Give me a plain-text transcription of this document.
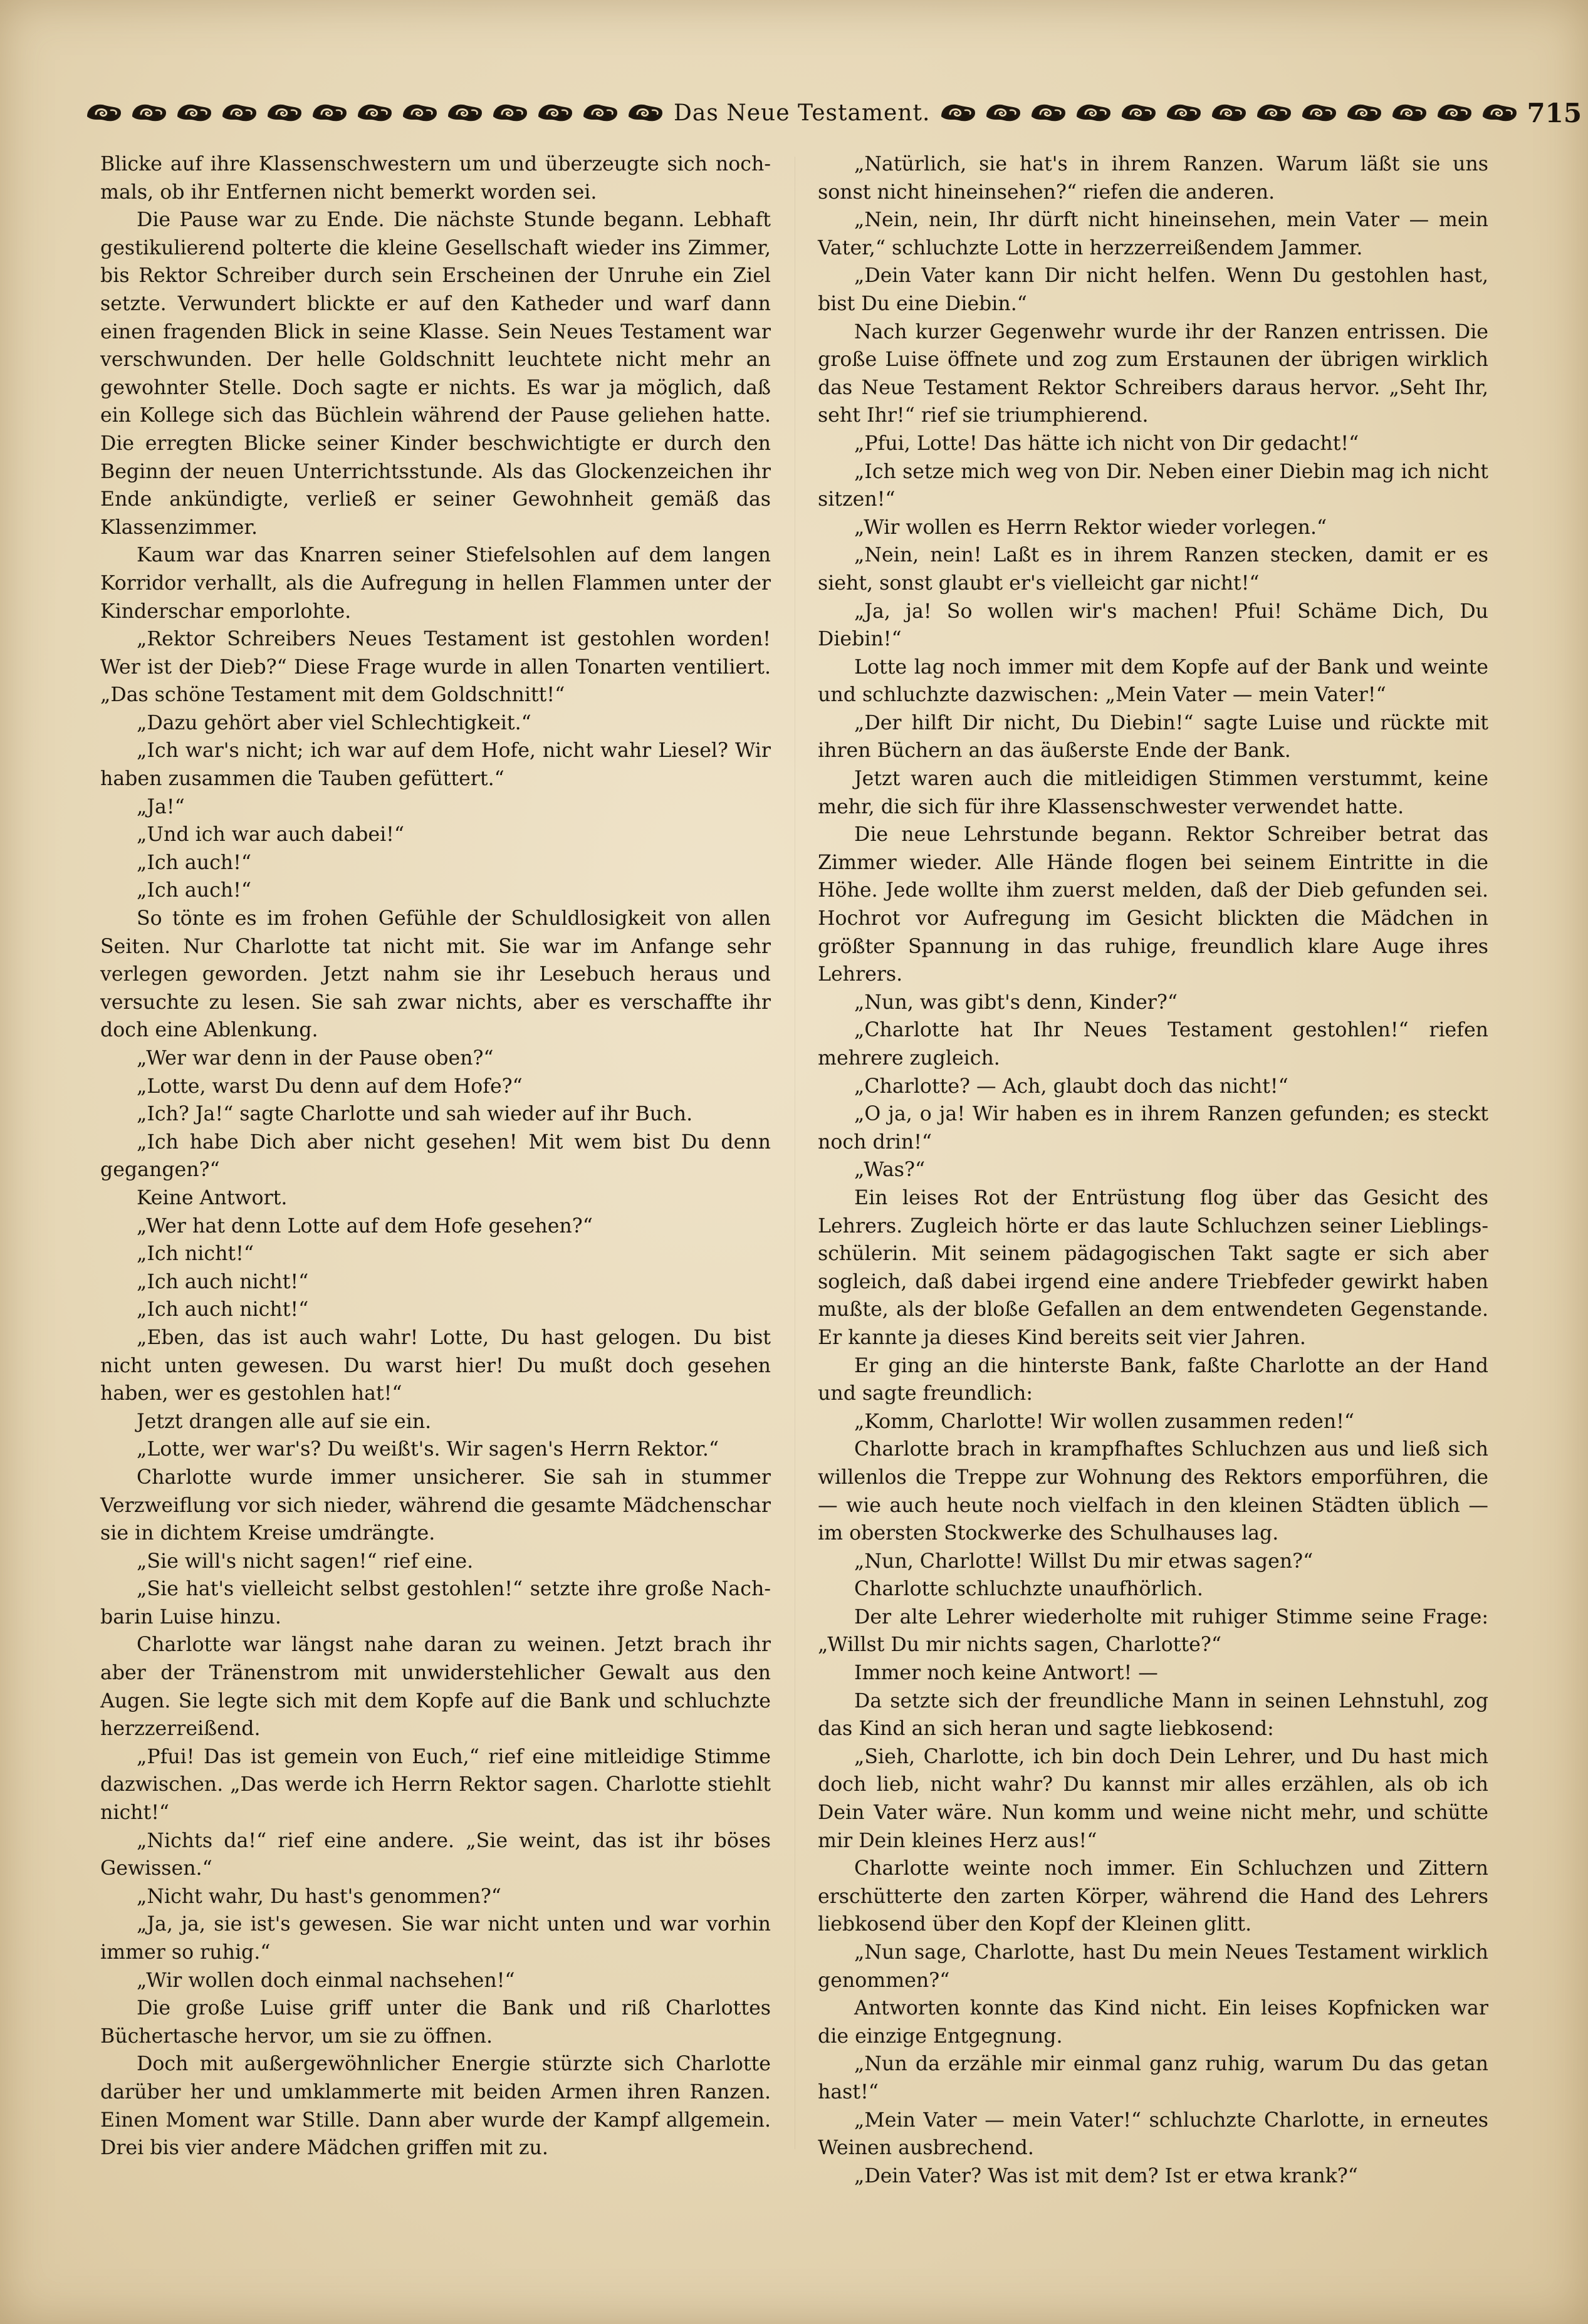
Das Neue Testament.	715

Blicke auf ihre Klassenschwestern um und überzeugte sich nochmals, ob ihr Entfernen nicht bemerkt worden sei.

Die Pause war zu Ende. Die nächste Stunde begann. Lebhaft gestikulierend polterte die kleine Gesellschaft wieder ins Zimmer, bis Rektor Schreiber durch sein Erscheinen der Unruhe ein Ziel setzte. Verwundert blickte er auf den Katheder und warf dann einen fragenden Blick in seine Klasse. Sein Neues Testament war verschwunden. Der helle Goldschnitt leuchtete nicht mehr an gewohnter Stelle. Doch sagte er nichts. Es war ja möglich, daß ein Kollege sich das Büchlein während der Pause geliehen hatte. Die erregten Blicke seiner Kinder beschwichtigte er durch den Beginn der neuen Unterrichtsstunde. Als das Glockenzeichen ihr Ende ankündigte, verließ er seiner Gewohnheit gemäß das Klassenzimmer.

Kaum war das Knarren seiner Stiefelsohlen auf dem langen Korridor verhallt, als die Aufregung in hellen Flammen unter der Kinderschar emporlohte.

„Rektor Schreibers Neues Testament ist gestohlen worden! Wer ist der Dieb?“ Diese Frage wurde in allen Tonarten ventiliert. „Das schöne Testament mit dem Goldschnitt!“

„Dazu gehört aber viel Schlechtigkeit.“

„Ich war's nicht; ich war auf dem Hofe, nicht wahr Liesel? Wir haben zusammen die Tauben gefüttert.“

„Ja!“

„Und ich war auch dabei!“

„Ich auch!“

„Ich auch!“

So tönte es im frohen Gefühle der Schuldlosigkeit von allen Seiten. Nur Charlotte tat nicht mit. Sie war im Anfange sehr verlegen geworden. Jetzt nahm sie ihr Lesebuch heraus und versuchte zu lesen. Sie sah zwar nichts, aber es verschaffte ihr doch eine Ablenkung.

„Wer war denn in der Pause oben?“

„Lotte, warst Du denn auf dem Hofe?“

„Ich? Ja!“ sagte Charlotte und sah wieder auf ihr Buch.

„Ich habe Dich aber nicht gesehen! Mit wem bist Du denn gegangen?“

Keine Antwort.

„Wer hat denn Lotte auf dem Hofe gesehen?“

„Ich nicht!“

„Ich auch nicht!“

„Ich auch nicht!“

„Eben, das ist auch wahr! Lotte, Du hast gelogen. Du bist nicht unten gewesen. Du warst hier! Du mußt doch gesehen haben, wer es gestohlen hat!“

Jetzt drangen alle auf sie ein.

„Lotte, wer war's? Du weißt's. Wir sagen's Herrn Rektor.“

Charlotte wurde immer unsicherer. Sie sah in stummer Verzweiflung vor sich nieder, während die gesamte Mädchenschar sie in dichtem Kreise umdrängte.

„Sie will's nicht sagen!“ rief eine.

„Sie hat's vielleicht selbst gestohlen!“ setzte ihre große Nachbarin Luise hinzu.

Charlotte war längst nahe daran zu weinen. Jetzt brach ihr aber der Tränenstrom mit unwiderstehlicher Gewalt aus den Augen. Sie legte sich mit dem Kopfe auf die Bank und schluchzte herzzerreißend.

„Pfui! Das ist gemein von Euch,“ rief eine mitleidige Stimme dazwischen. „Das werde ich Herrn Rektor sagen. Charlotte stiehlt nicht!“

„Nichts da!“ rief eine andere. „Sie weint, das ist ihr böses Gewissen.“

„Nicht wahr, Du hast's genommen?“

„Ja, ja, sie ist's gewesen. Sie war nicht unten und war vorhin immer so ruhig.“

„Wir wollen doch einmal nachsehen!“

Die große Luise griff unter die Bank und riß Charlottes Büchertasche hervor, um sie zu öffnen.

Doch mit außergewöhnlicher Energie stürzte sich Charlotte darüber her und umklammerte mit beiden Armen ihren Ranzen. Einen Moment war Stille. Dann aber wurde der Kampf allgemein. Drei bis vier andere Mädchen griffen mit zu.

„Natürlich, sie hat's in ihrem Ranzen. Warum läßt sie uns sonst nicht hineinsehen?“ riefen die anderen.

„Nein, nein, Ihr dürft nicht hineinsehen, mein Vater — mein Vater,“ schluchzte Lotte in herzzerreißendem Jammer.

„Dein Vater kann Dir nicht helfen. Wenn Du gestohlen hast, bist Du eine Diebin.“

Nach kurzer Gegenwehr wurde ihr der Ranzen entrissen. Die große Luise öffnete und zog zum Erstaunen der übrigen wirklich das Neue Testament Rektor Schreibers daraus hervor. „Seht Ihr, seht Ihr!“ rief sie triumphierend.

„Pfui, Lotte! Das hätte ich nicht von Dir gedacht!“

„Ich setze mich weg von Dir. Neben einer Diebin mag ich nicht sitzen!“

„Wir wollen es Herrn Rektor wieder vorlegen.“

„Nein, nein! Laßt es in ihrem Ranzen stecken, damit er es sieht, sonst glaubt er's vielleicht gar nicht!“

„Ja, ja! So wollen wir's machen! Pfui! Schäme Dich, Du Diebin!“

Lotte lag noch immer mit dem Kopfe auf der Bank und weinte und schluchzte dazwischen: „Mein Vater — mein Vater!“

„Der hilft Dir nicht, Du Diebin!“ sagte Luise und rückte mit ihren Büchern an das äußerste Ende der Bank.

Jetzt waren auch die mitleidigen Stimmen verstummt, keine mehr, die sich für ihre Klassenschwester verwendet hatte.

Die neue Lehrstunde begann. Rektor Schreiber betrat das Zimmer wieder. Alle Hände flogen bei seinem Eintritte in die Höhe. Jede wollte ihm zuerst melden, daß der Dieb gefunden sei. Hochrot vor Aufregung im Gesicht blickten die Mädchen in größter Spannung in das ruhige, freundlich klare Auge ihres Lehrers.

„Nun, was gibt's denn, Kinder?“

„Charlotte hat Ihr Neues Testament gestohlen!“ riefen mehrere zugleich.

„Charlotte? — Ach, glaubt doch das nicht!“

„O ja, o ja! Wir haben es in ihrem Ranzen gefunden; es steckt noch drin!“

„Was?“

Ein leises Rot der Entrüstung flog über das Gesicht des Lehrers. Zugleich hörte er das laute Schluchzen seiner Lieblingsschülerin. Mit seinem pädagogischen Takt sagte er sich aber sogleich, daß dabei irgend eine andere Triebfeder gewirkt haben mußte, als der bloße Gefallen an dem entwendeten Gegenstande. Er kannte ja dieses Kind bereits seit vier Jahren.

Er ging an die hinterste Bank, faßte Charlotte an der Hand und sagte freundlich:

„Komm, Charlotte! Wir wollen zusammen reden!“

Charlotte brach in krampfhaftes Schluchzen aus und ließ sich willenlos die Treppe zur Wohnung des Rektors emporführen, die — wie auch heute noch vielfach in den kleinen Städten üblich — im obersten Stockwerke des Schulhauses lag.

„Nun, Charlotte! Willst Du mir etwas sagen?“

Charlotte schluchzte unaufhörlich.

Der alte Lehrer wiederholte mit ruhiger Stimme seine Frage: „Willst Du mir nichts sagen, Charlotte?“

Immer noch keine Antwort! —

Da setzte sich der freundliche Mann in seinen Lehnstuhl, zog das Kind an sich heran und sagte liebkosend:

„Sieh, Charlotte, ich bin doch Dein Lehrer, und Du hast mich doch lieb, nicht wahr? Du kannst mir alles erzählen, als ob ich Dein Vater wäre. Nun komm und weine nicht mehr, und schütte mir Dein kleines Herz aus!“

Charlotte weinte noch immer. Ein Schluchzen und Zittern erschütterte den zarten Körper, während die Hand des Lehrers liebkosend über den Kopf der Kleinen glitt.

„Nun sage, Charlotte, hast Du mein Neues Testament wirklich genommen?“

Antworten konnte das Kind nicht. Ein leises Kopfnicken war die einzige Entgegnung.

„Nun da erzähle mir einmal ganz ruhig, warum Du das getan hast!“

„Mein Vater — mein Vater!“ schluchzte Charlotte, in erneutes Weinen ausbrechend.

„Dein Vater? Was ist mit dem? Ist er etwa krank?“
